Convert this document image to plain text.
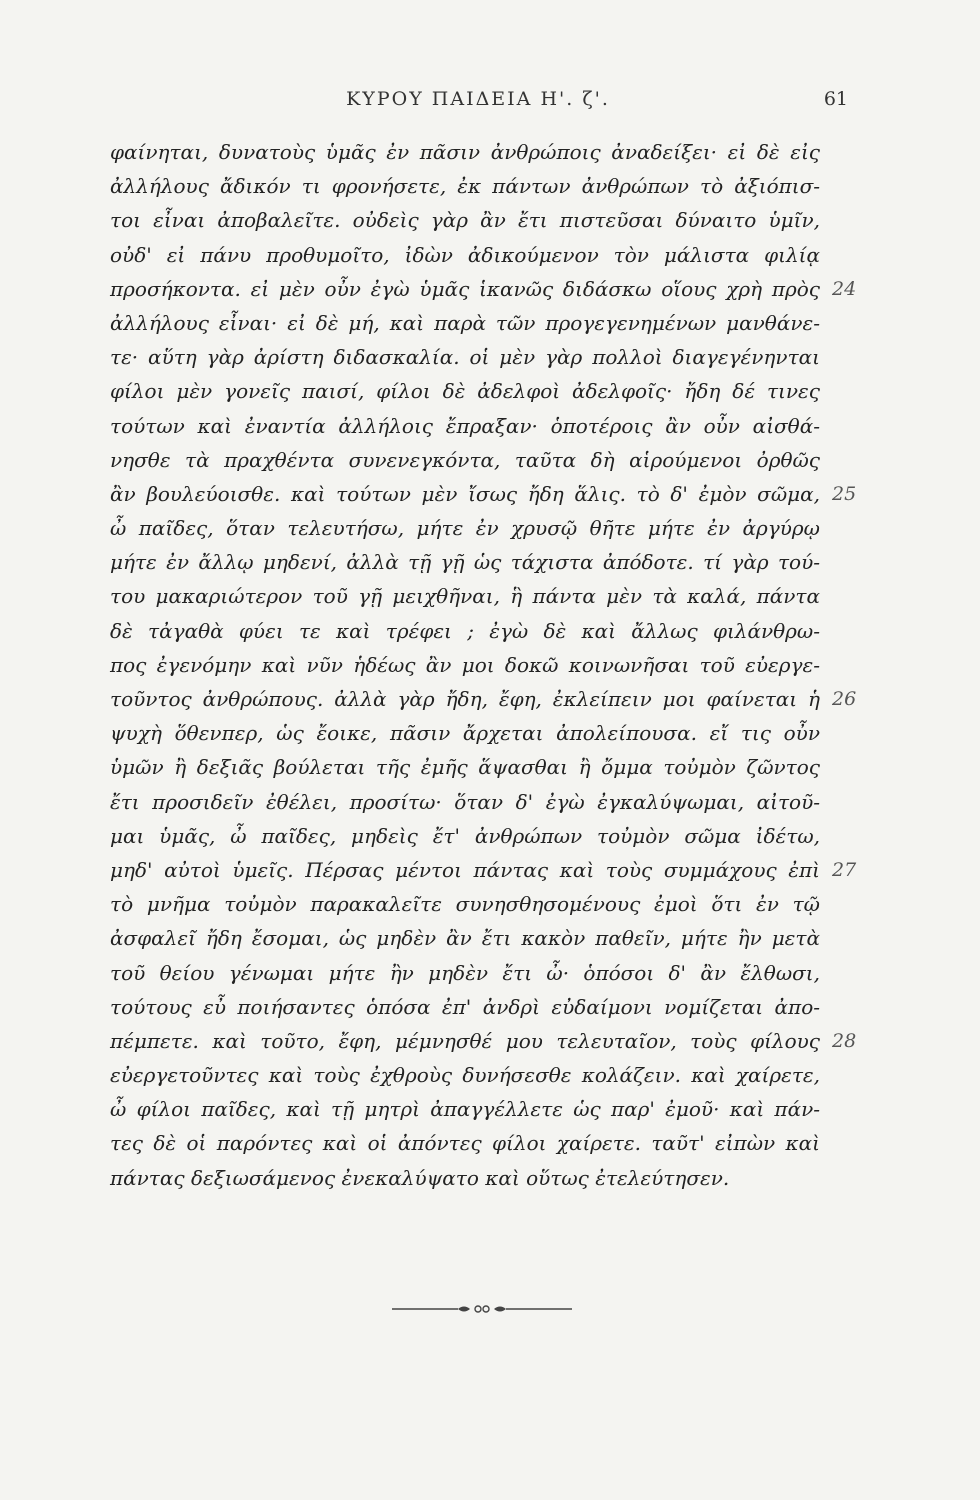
ΚΥΡΟΥ ΠΑΙΔΕΙΑ Η'. ζ'.	61
φαίνηται, δυνατοὺς ὑμᾶς ἐν πᾶσιν ἀνθρώποις ἀναδείξει· εἰ δὲ εἰς
ἀλλήλους ἄδικόν τι φρονήσετε, ἐκ πάντων ἀνθρώπων τὸ ἀξιόπισ-
τοι εἶναι ἀποβαλεῖτε. οὐδεὶς γὰρ ἂν ἔτι πιστεῦσαι δύναιτο ὑμῖν,
οὐδ' εἰ πάνυ προθυμοῖτο, ἰδὼν ἀδικούμενον τὸν μάλιστα φιλίᾳ
προσήκοντα. εἰ μὲν οὖν ἐγὼ ὑμᾶς ἱκανῶς διδάσκω οἵους χρὴ πρὸς 24
ἀλλήλους εἶναι· εἰ δὲ μή, καὶ παρὰ τῶν προγεγενημένων μανθάνε-
τε· αὕτη γὰρ ἀρίστη διδασκαλία. οἱ μὲν γὰρ πολλοὶ διαγεγένηνται
φίλοι μὲν γονεῖς παισί, φίλοι δὲ ἀδελφοὶ ἀδελφοῖς· ἤδη δέ τινες
τούτων καὶ ἐναντία ἀλλήλοις ἔπραξαν· ὁποτέροις ἂν οὖν αἰσθά-
νησθε τὰ πραχθέντα συνενεγκόντα, ταῦτα δὴ αἱρούμενοι ὀρθῶς
ἂν βουλεύοισθε. καὶ τούτων μὲν ἴσως ἤδη ἅλις. τὸ δ' ἐμὸν σῶμα, 25
ὦ παῖδες, ὅταν τελευτήσω, μήτε ἐν χρυσῷ θῆτε μήτε ἐν ἀργύρῳ
μήτε ἐν ἄλλῳ μηδενί, ἀλλὰ τῇ γῇ ὡς τάχιστα ἀπόδοτε. τί γὰρ τού-
του μακαριώτερον τοῦ γῇ μειχθῆναι, ἣ πάντα μὲν τὰ καλά, πάντα
δὲ τἀγαθὰ φύει τε καὶ τρέφει ; ἐγὼ δὲ καὶ ἄλλως φιλάνθρω-
πος ἐγενόμην καὶ νῦν ἡδέως ἂν μοι δοκῶ κοινωνῆσαι τοῦ εὐεργε-
τοῦντος ἀνθρώπους. ἀλλὰ γὰρ ἤδη, ἔφη, ἐκλείπειν μοι φαίνεται ἡ 26
ψυχὴ ὅθενπερ, ὡς ἔοικε, πᾶσιν ἄρχεται ἀπολείπουσα. εἴ τις οὖν
ὑμῶν ἢ δεξιᾶς βούλεται τῆς ἐμῆς ἅψασθαι ἢ ὄμμα τοὐμὸν ζῶντος
ἔτι προσιδεῖν ἐθέλει, προσίτω· ὅταν δ' ἐγὼ ἐγκαλύψωμαι, αἰτοῦ-
μαι ὑμᾶς, ὦ παῖδες, μηδεὶς ἔτ' ἀνθρώπων τοὐμὸν σῶμα ἰδέτω,
μηδ' αὐτοὶ ὑμεῖς. Πέρσας μέντοι πάντας καὶ τοὺς συμμάχους ἐπὶ 27
τὸ μνῆμα τοὐμὸν παρακαλεῖτε συνησθησομένους ἐμοὶ ὅτι ἐν τῷ
ἀσφαλεῖ ἤδη ἔσομαι, ὡς μηδὲν ἂν ἔτι κακὸν παθεῖν, μήτε ἢν μετὰ
τοῦ θείου γένωμαι μήτε ἢν μηδὲν ἔτι ὦ· ὁπόσοι δ' ἂν ἔλθωσι,
τούτους εὖ ποιήσαντες ὁπόσα ἐπ' ἀνδρὶ εὐδαίμονι νομίζεται ἀπο-
πέμπετε. καὶ τοῦτο, ἔφη, μέμνησθέ μου τελευταῖον, τοὺς φίλους 28
εὐεργετοῦντες καὶ τοὺς ἐχθροὺς δυνήσεσθε κολάζειν. καὶ χαίρετε,
ὦ φίλοι παῖδες, καὶ τῇ μητρὶ ἀπαγγέλλετε ὡς παρ' ἐμοῦ· καὶ πάν-
τες δὲ οἱ παρόντες καὶ οἱ ἀπόντες φίλοι χαίρετε. ταῦτ' εἰπὼν καὶ
πάντας δεξιωσάμενος ἐνεκαλύψατο καὶ οὕτως ἐτελεύτησεν.
